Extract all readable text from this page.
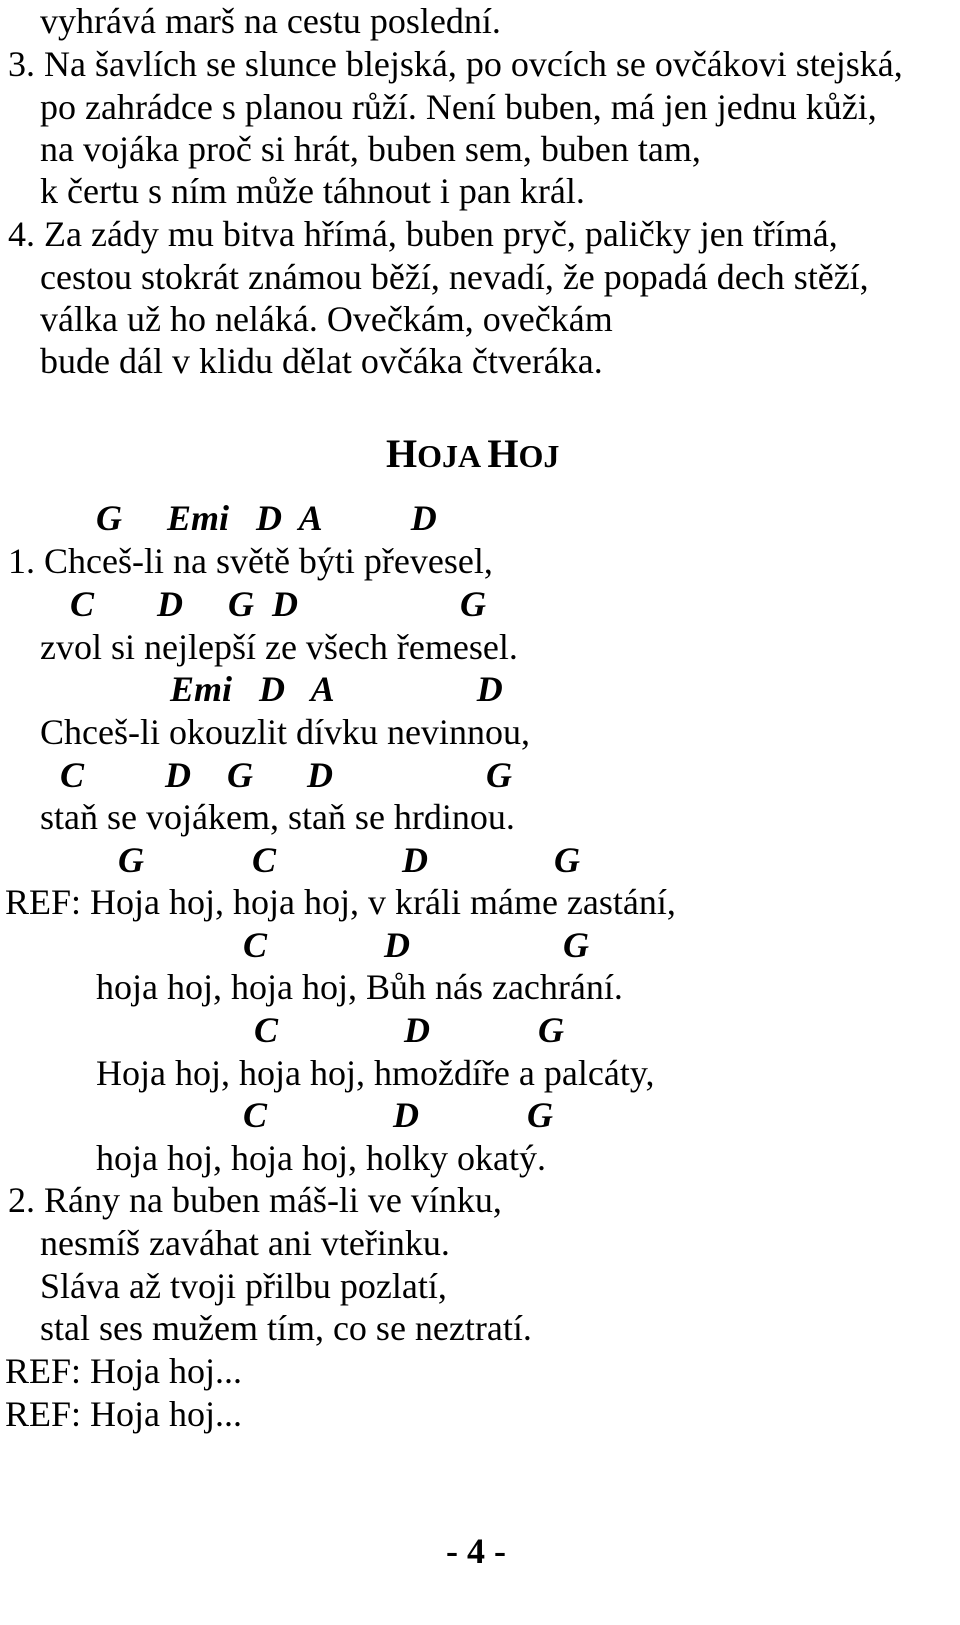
vyhrává marš na cestu poslední.
3. Na šavlích se slunce blejská, po ovcích se ovčákovi stejská,
po zahrádce s planou růží. Není buben, má jen jednu kůži,
na vojáka proč si hrát, buben sem, buben tam,
k čertu s ním může táhnout i pan král.
4. Za zády mu bitva hřímá, buben pryč, paličky jen třímá,
cestou stokrát známou běží, nevadí, že popadá dech stěží,
válka už ho neláká. Ovečkám, ovečkám
bude dál v klidu dělat ovčáka čtveráka.
HOJA HOJ
G     Emi   D  A          D
1. Chceš-li na světě býti převesel,
C       D     G  D                  G
zvol si nejlepší ze všech řemesel.
Emi   D   A                D
Chceš-li okouzlit dívku nevinnou,
C         D    G      D                 G
staň se vojákem, staň se hrdinou.
G            C              D              G
REF: Hoja hoj, hoja hoj, v králi máme zastání,
C             D                 G
hoja hoj, hoja hoj, Bůh nás zachrání.
C              D            G
Hoja hoj, hoja hoj, hmoždíře a palcáty,
C              D            G
hoja hoj, hoja hoj, holky okatý.
2. Rány na buben máš-li ve vínku,
nesmíš zaváhat ani vteřinku.
Sláva až tvoji přilbu pozlatí,
stal ses mužem tím, co se neztratí.
REF: Hoja hoj...
REF: Hoja hoj...
- 4 -
